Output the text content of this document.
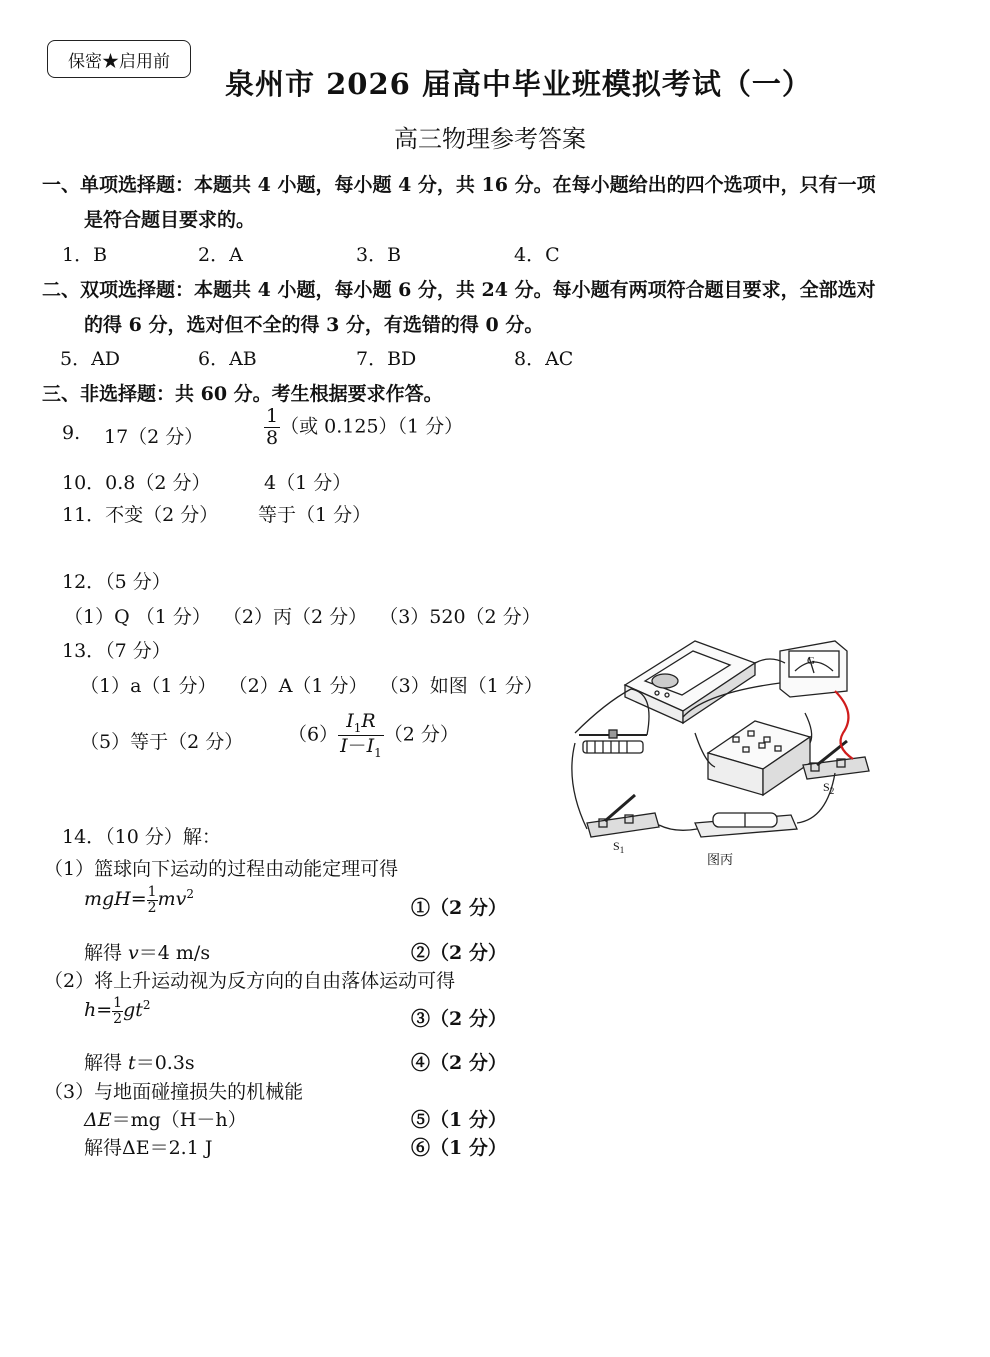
保密★启用前
泉州市 2026 届高中毕业班模拟考试（一）
高三物理参考答案
一、单项选择题：本题共 4 小题，每小题 4 分，共 16 分。在每小题给出的四个选项中，只有一项
是符合题目要求的。
1．B	2．A	3．B	4．C
二、双项选择题：本题共 4 小题，每小题 6 分，共 24 分。每小题有两项符合题目要求，全部选对
的得 6 分，选对但不全的得 3 分，有选错的得 0 分。
5．AD	6．AB	7．BD	8．AC
三、非选择题：共 60 分。考生根据要求作答。
9. 17（2 分）	$\frac{1}{8}$ （或 0.125）（1 分）
10．0.8（2 分）	4（1 分）
11．不变（2 分） 等于（1 分）
12．（5 分）
（1）Q （1 分）  （2）丙（2 分）  （3）520（2 分）
13．（7 分）
（1）a（1 分）  （2）A（1 分）  （3）如图（1 分）
（5）等于（2 分） $(6) \frac{I_1R}{I-I_1} (2$ 分）
14．（10 分）解：
（1）篮球向下运动的过程由动能定理可得
$mgH= \frac{1}{2} mv^2$
①（2 分）
解得 v＝4 m/s	②（2 分）
（2）将上升运动视为反方向的自由落体运动可得
$h= \frac{1}{2} gt^2$
③（2 分）
解得 t＝0.3s	④（2 分）
（3）与地面碰撞损失的机械能
ΔE＝mg（H－h）	⑤（1 分）
解得ΔE＝2.1 J	⑥（1 分）
G
$S_1$
$S_2$
图丙
